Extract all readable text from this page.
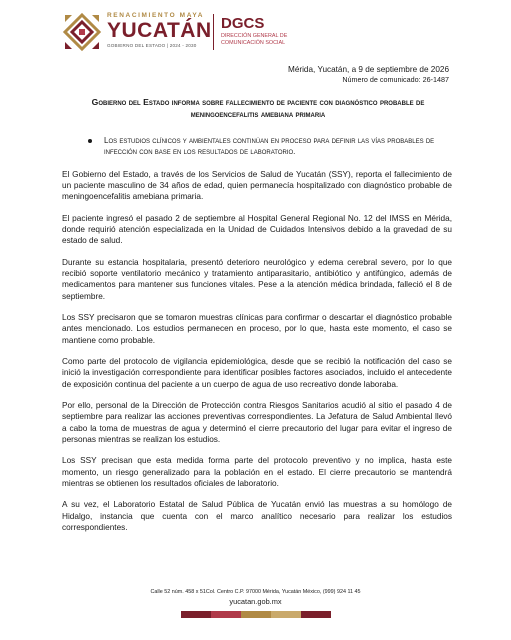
RENACIMIENTO MAYA
YUCATÁN
GOBIERNO DEL ESTADO | 2024 - 2030
DGCS
DIRECCIÓN GENERAL DE COMUNICACIÓN SOCIAL
Mérida, Yucatán, a 9 de septiembre de 2026
Número de comunicado: 26-1487
Gobierno del Estado informa sobre fallecimiento de paciente con diagnóstico probable de meningoencefalitis amebiana primaria
Los estudios clínicos y ambientales continúan en proceso para definir las vías probables de infección con base en los resultados de laboratorio.

El Gobierno del Estado, a través de los Servicios de Salud de Yucatán (SSY), reporta el fallecimiento de un paciente masculino de 34 años de edad, quien permanecía hospitalizado con diagnóstico probable de meningoencefalitis amebiana primaria.

El paciente ingresó el pasado 2 de septiembre al Hospital General Regional No. 12 del IMSS en Mérida, donde requirió atención especializada en la Unidad de Cuidados Intensivos debido a la gravedad de su estado de salud.

Durante su estancia hospitalaria, presentó deterioro neurológico y edema cerebral severo, por lo que recibió soporte ventilatorio mecánico y tratamiento antiparasitario, antibiótico y antifúngico, además de medicamentos para mantener sus funciones vitales. Pese a la atención médica brindada, falleció el 8 de septiembre.

Los SSY precisaron que se tomaron muestras clínicas para confirmar o descartar el diagnóstico probable antes mencionado. Los estudios permanecen en proceso, por lo que, hasta este momento, el caso se mantiene como probable.

Como parte del protocolo de vigilancia epidemiológica, desde que se recibió la notificación del caso se inició la investigación correspondiente para identificar posibles factores asociados, incluido el antecedente de exposición continua del paciente a un cuerpo de agua de uso recreativo donde laboraba.

Por ello, personal de la Dirección de Protección contra Riesgos Sanitarios acudió al sitio el pasado 4 de septiembre para realizar las acciones preventivas correspondientes. La Jefatura de Salud Ambiental llevó a cabo la toma de muestras de agua y determinó el cierre precautorio del lugar para evitar el ingreso de personas mientras se realizan los estudios.

Los SSY precisan que esta medida forma parte del protocolo preventivo y no implica, hasta este momento, un riesgo generalizado para la población en el estado. El cierre precautorio se mantendrá mientras se obtienen los resultados oficiales de laboratorio.

A su vez, el Laboratorio Estatal de Salud Pública de Yucatán envió las muestras a su homólogo de Hidalgo, instancia que cuenta con el marco analítico necesario para realizar los estudios correspondientes.

Calle 52 núm. 458 x 51Col. Centro C.P. 97000 Mérida, Yucatán México, (999) 924 11 45
yucatan.gob.mx
